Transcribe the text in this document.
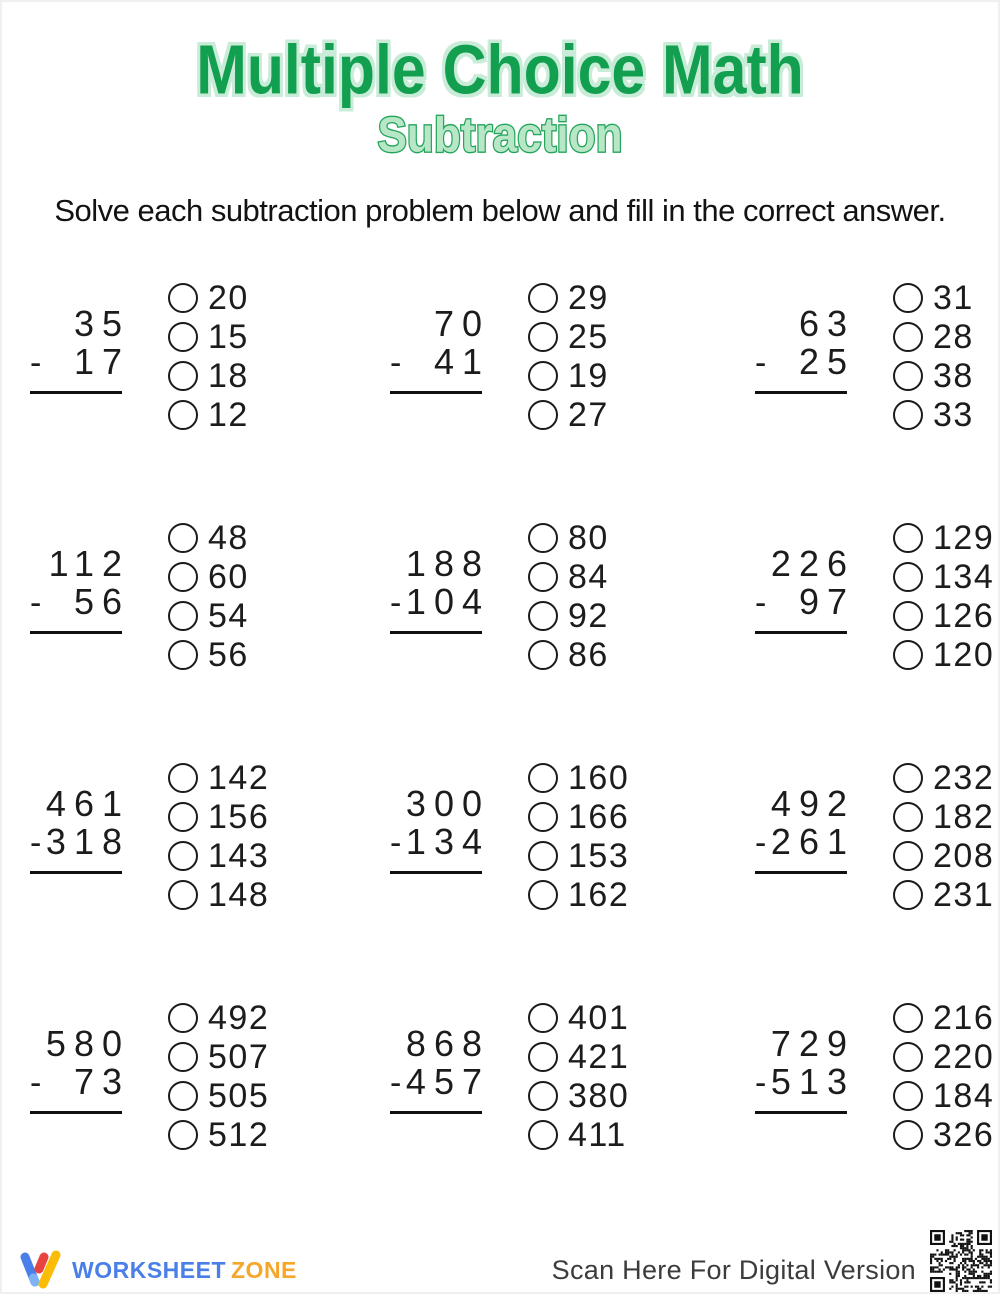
Multiple Choice Math
Subtraction
Solve each subtraction problem below and fill in the correct answer.
35
- 17
20
15
18
12
70
- 41
29
25
19
27
63
- 25
31
28
38
33
112
- 56
48
60
54
56
188
- 104
80
84
92
86
226
- 97
129
134
126
120
461
- 318
142
156
143
148
300
- 134
160
166
153
162
492
- 261
232
182
208
231
580
- 73
492
507
505
512
868
- 457
401
421
380
411
729
- 513
216
220
184
326
WORKSHEET ZONE	Scan Here For Digital Version
